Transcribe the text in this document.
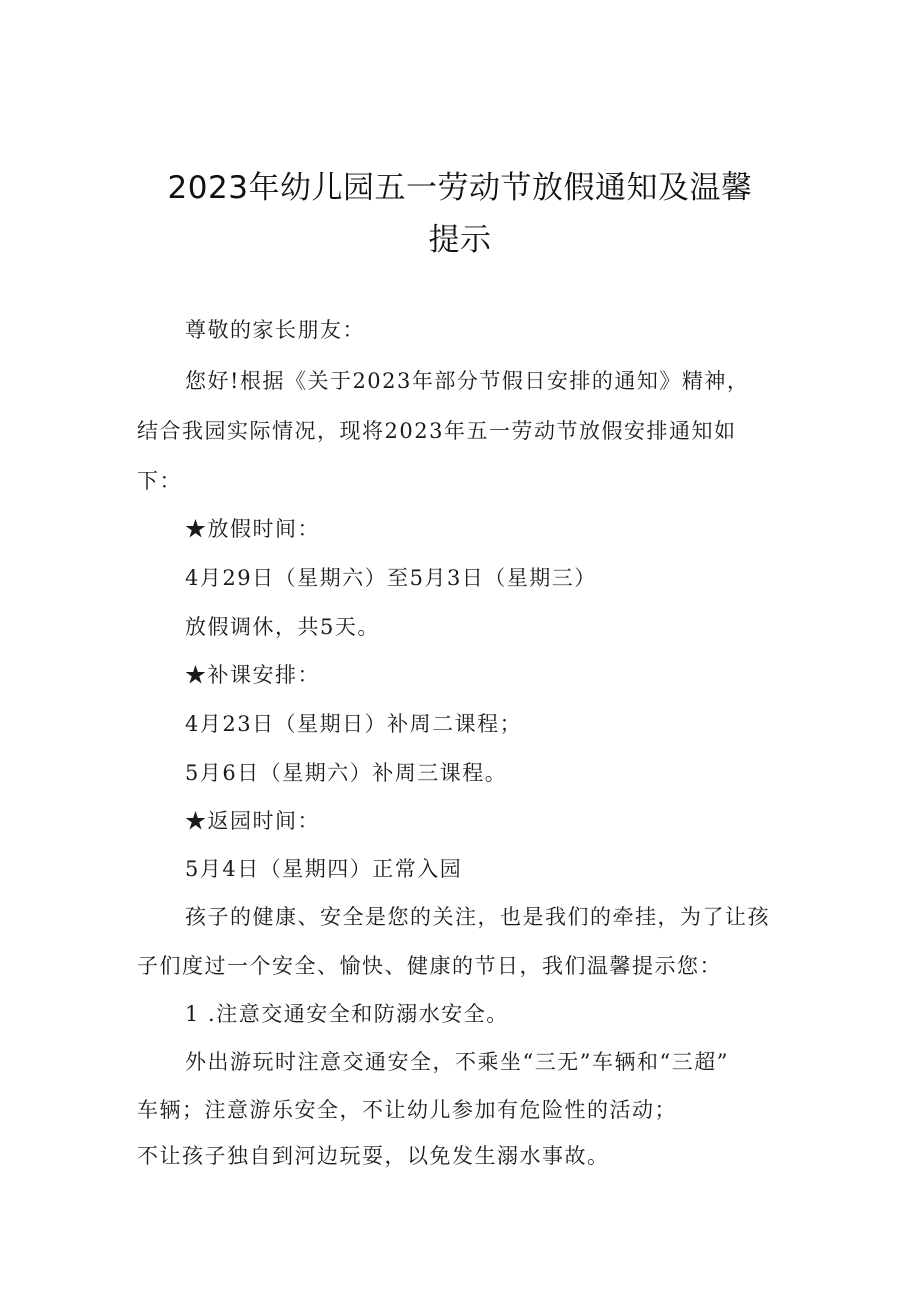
2023年幼儿园五一劳动节放假通知及温馨
提示
尊敬的家长朋友：
您好!根据《关于2023年部分节假日安排的通知》精神，
结合我园实际情况，现将2023年五一劳动节放假安排通知如
下：
★放假时间：
4月29日（星期六）至5月3日（星期三）
放假调休，共5天。
★补课安排：
4月23日（星期日）补周二课程；
5月6日（星期六）补周三课程。
★返园时间：
5月4日（星期四）正常入园
孩子的健康、安全是您的关注，也是我们的牵挂，为了让孩
子们度过一个安全、愉快、健康的节日，我们温馨提示您：
1 .注意交通安全和防溺水安全。
外出游玩时注意交通安全，不乘坐“三无”车辆和“三超”
车辆；注意游乐安全，不让幼儿参加有危险性的活动；
不让孩子独自到河边玩耍，以免发生溺水事故。
